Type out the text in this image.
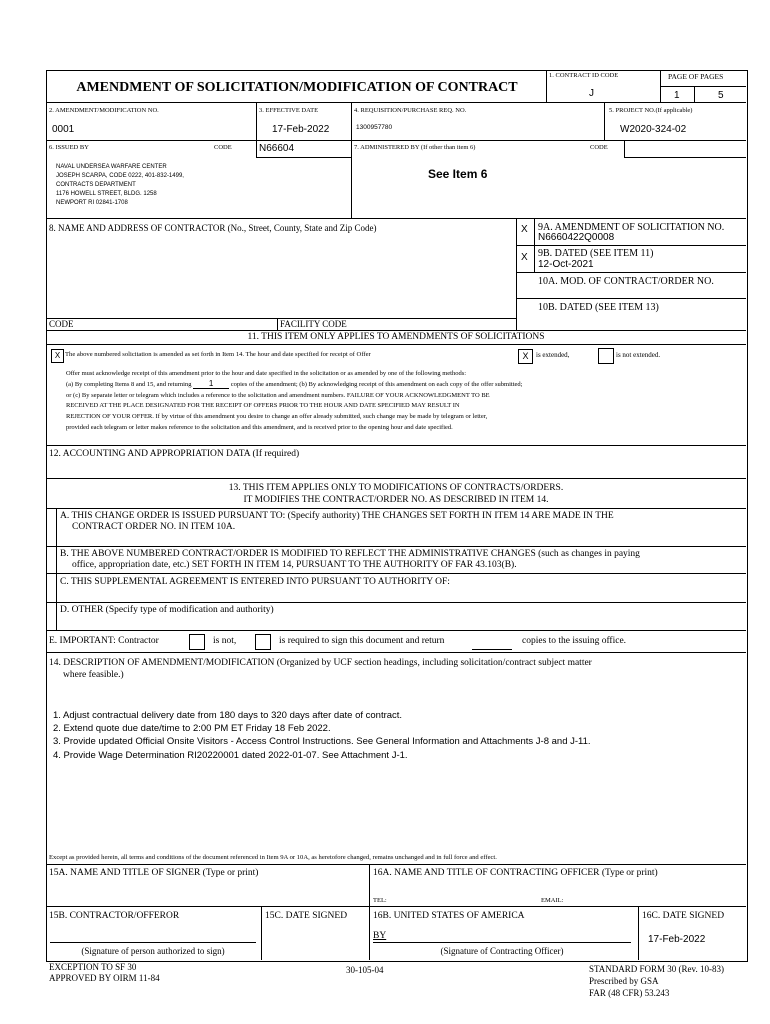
AMENDMENT OF SOLICITATION/MODIFICATION OF CONTRACT
1. CONTRACT ID CODE
J
PAGE OF PAGES
1	5
2. AMENDMENT/MODIFICATION NO.
0001
3. EFFECTIVE DATE
17-Feb-2022
4. REQUISITION/PURCHASE REQ. NO.
1300957780
5. PROJECT NO.(If applicable)
W2020-324-02
6. ISSUED BY	CODE	N66604	7. ADMINISTERED BY (If other than item 6)	CODE
NAVAL UNDERSEA WARFARE CENTER
JOSEPH SCARPA, CODE 0222, 401-832-1499,
CONTRACTS DEPARTMENT
1176 HOWELL STREET, BLDG. 1258
NEWPORT RI 02841-1708
See Item 6
8. NAME AND ADDRESS OF CONTRACTOR (No., Street, County, State and Zip Code)	X 9A. AMENDMENT OF SOLICITATION NO.
N6660422Q0008
X 9B. DATED (SEE ITEM 11)
12-Oct-2021
10A. MOD. OF CONTRACT/ORDER NO.
10B. DATED (SEE ITEM 13)
CODE	FACILITY CODE
11. THIS ITEM ONLY APPLIES TO AMENDMENTS OF SOLICITATIONS
X The above numbered solicitation is amended as set forth in Item 14. The hour and date specified for receipt of Offer	X	is extended,	is not extended.
Offer must acknowledge receipt of this amendment prior to the hour and date specified in the solicitation or as amended by one of the following methods:
(a) By completing Items 8 and 15, and returning 1	copies of the amendment; (b) By acknowledging receipt of this amendment on each copy of the offer submitted;
or (c) By separate letter or telegram which includes a reference to the solicitation and amendment numbers. FAILURE OF YOUR ACKNOWLEDGMENT TO BE
RECEIVED AT THE PLACE DESIGNATED FOR THE RECEIPT OF OFFERS PRIOR TO THE HOUR AND DATE SPECIFIED MAY RESULT IN
REJECTION OF YOUR OFFER. If by virtue of this amendment you desire to change an offer already submitted, such change may be made by telegram or letter,
provided each telegram or letter makes reference to the solicitation and this amendment, and is received prior to the opening hour and date specified.
12. ACCOUNTING AND APPROPRIATION DATA (If required)
13. THIS ITEM APPLIES ONLY TO MODIFICATIONS OF CONTRACTS/ORDERS.
IT MODIFIES THE CONTRACT/ORDER NO. AS DESCRIBED IN ITEM 14.
A. THIS CHANGE ORDER IS ISSUED PURSUANT TO: (Specify authority) THE CHANGES SET FORTH IN ITEM 14 ARE MADE IN THE
CONTRACT ORDER NO. IN ITEM 10A.
B. THE ABOVE NUMBERED CONTRACT/ORDER IS MODIFIED TO REFLECT THE ADMINISTRATIVE CHANGES (such as changes in paying
office, appropriation date, etc.) SET FORTH IN ITEM 14, PURSUANT TO THE AUTHORITY OF FAR 43.103(B).
C. THIS SUPPLEMENTAL AGREEMENT IS ENTERED INTO PURSUANT TO AUTHORITY OF:
D. OTHER (Specify type of modification and authority)
E. IMPORTANT: Contractor	is not,	is required to sign this document and return	copies to the issuing office.
14. DESCRIPTION OF AMENDMENT/MODIFICATION (Organized by UCF section headings, including solicitation/contract subject matter
where feasible.)
1. Adjust contractual delivery date from 180 days to 320 days after date of contract.
2. Extend quote due date/time to 2:00 PM ET Friday 18 Feb 2022.
3. Provide updated Official Onsite Visitors - Access Control Instructions. See General Information and Attachments J-8 and J-11.
4. Provide Wage Determination RI20220001 dated 2022-01-07. See Attachment J-1.
Except as provided herein, all terms and conditions of the document referenced in Item 9A or 10A, as heretofore changed, remains unchanged and in full force and effect.
15A. NAME AND TITLE OF SIGNER (Type or print)	16A. NAME AND TITLE OF CONTRACTING OFFICER (Type or print)
TEL:	EMAIL:
15B. CONTRACTOR/OFFEROR	15C. DATE SIGNED	16B. UNITED STATES OF AMERICA	16C. DATE SIGNED
(Signature of person authorized to sign)
BY
(Signature of Contracting Officer)
17-Feb-2022
EXCEPTION TO SF 30
APPROVED BY OIRM 11-84
30-105-04	STANDARD FORM 30 (Rev. 10-83)
Prescribed by GSA
FAR (48 CFR) 53.243
